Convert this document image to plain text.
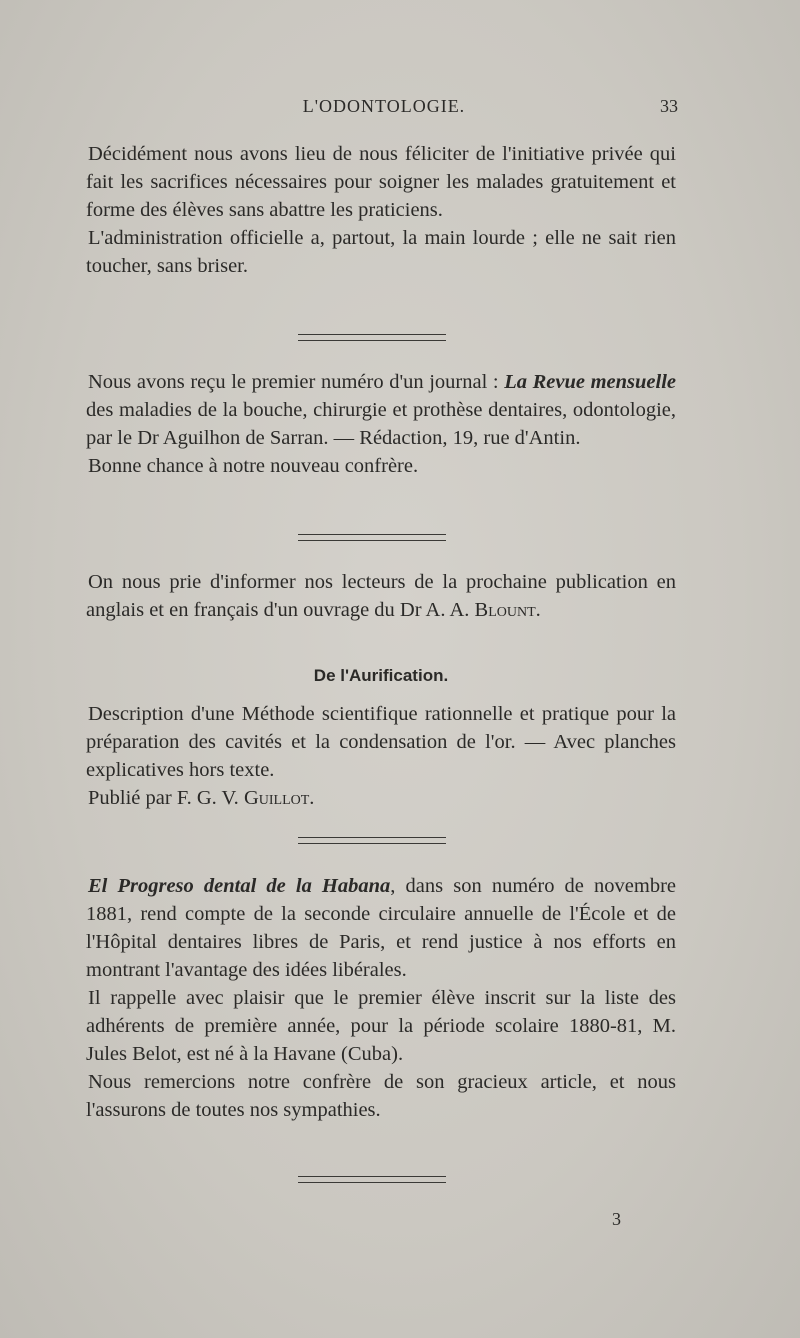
L'ODONTOLOGIE.	33

Décidément nous avons lieu de nous féliciter de l'initiative privée qui fait les sacrifices nécessaires pour soigner les malades gratuitement et forme des élèves sans abattre les praticiens.

L'administration officielle a, partout, la main lourde ; elle ne sait rien toucher, sans briser.

Nous avons reçu le premier numéro d'un journal : La Revue mensuelle des maladies de la bouche, chirurgie et prothèse dentaires, odontologie, par le Dr Aguilhon de Sarran. — Rédaction, 19, rue d'Antin.

Bonne chance à notre nouveau confrère.

On nous prie d'informer nos lecteurs de la prochaine publication en anglais et en français d'un ouvrage du Dr A. A. Blount.

De l'Aurification.

Description d'une Méthode scientifique rationnelle et pratique pour la préparation des cavités et la condensation de l'or. — Avec planches explicatives hors texte.

Publié par F. G. V. Guillot.

El Progreso dental de la Habana, dans son numéro de novembre 1881, rend compte de la seconde circulaire annuelle de l'École et de l'Hôpital dentaires libres de Paris, et rend justice à nos efforts en montrant l'avantage des idées libérales.

Il rappelle avec plaisir que le premier élève inscrit sur la liste des adhérents de première année, pour la période scolaire 1880-81, M. Jules Belot, est né à la Havane (Cuba).

Nous remercions notre confrère de son gracieux article, et nous l'assurons de toutes nos sympathies.

3
